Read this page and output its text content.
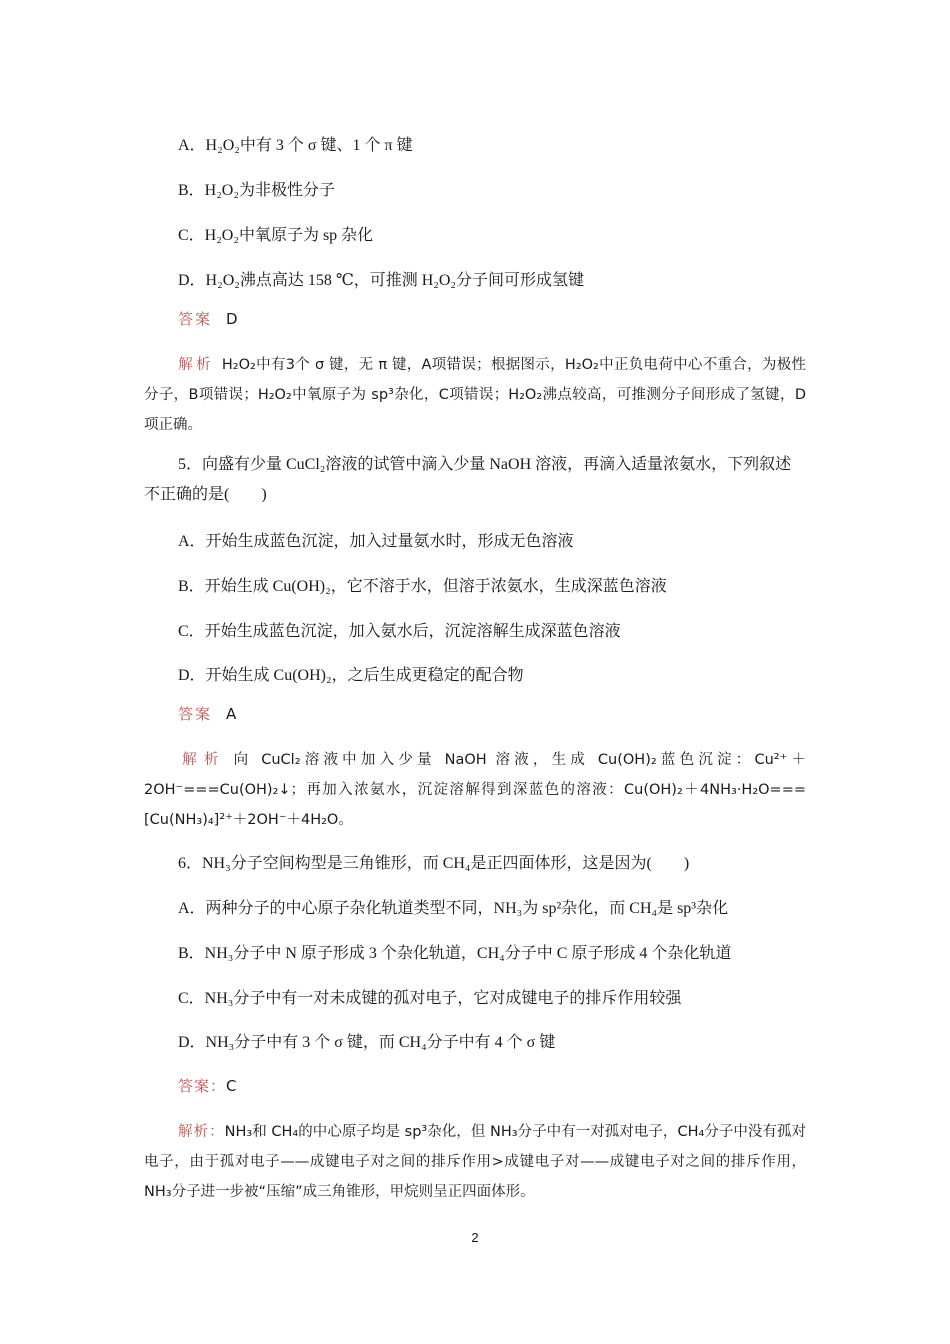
A．H₂O₂中有 3 个 σ 键、1 个 π 键
B．H₂O₂为非极性分子
C．H₂O₂中氧原子为 sp 杂化
D．H₂O₂沸点高达 158 ℃，可推测 H₂O₂分子间可形成氢键
答案 D
解析 H₂O₂中有3个 σ 键，无 π 键，A项错误；根据图示，H₂O₂中正负电荷中心不重合，为极性分子，B项错误；H₂O₂中氧原子为 sp³杂化，C项错误；H₂O₂沸点较高，可推测分子间形成了氢键，D项正确。
5．向盛有少量 CuCl₂溶液的试管中滴入少量 NaOH 溶液，再滴入适量浓氨水，下列叙述不正确的是(　　)
A．开始生成蓝色沉淀，加入过量氨水时，形成无色溶液
B．开始生成 Cu(OH)₂，它不溶于水，但溶于浓氨水，生成深蓝色溶液
C．开始生成蓝色沉淀，加入氨水后，沉淀溶解生成深蓝色溶液
D．开始生成 Cu(OH)₂，之后生成更稳定的配合物
答案 A
解析 向 CuCl₂溶液中加入少量 NaOH 溶液，生成 Cu(OH)₂蓝色沉淀：Cu²⁺＋2OH⁻===Cu(OH)₂↓；再加入浓氨水，沉淀溶解得到深蓝色的溶液：Cu(OH)₂＋4NH₃·H₂O===[Cu(NH₃)₄]²⁺＋2OH⁻＋4H₂O。
6．NH₃分子空间构型是三角锥形，而 CH₄是正四面体形，这是因为(　　)
A．两种分子的中心原子杂化轨道类型不同，NH₃为 sp²杂化，而 CH₄是 sp³杂化
B．NH₃分子中 N 原子形成 3 个杂化轨道，CH₄分子中 C 原子形成 4 个杂化轨道
C．NH₃分子中有一对未成键的孤对电子，它对成键电子的排斥作用较强
D．NH₃分子中有 3 个 σ 键，而 CH₄分子中有 4 个 σ 键
答案：C
解析：NH₃和 CH₄的中心原子均是 sp³杂化，但 NH₃分子中有一对孤对电子，CH₄分子中没有孤对电子，由于孤对电子——成键电子对之间的排斥作用>成键电子对——成键电子对之间的排斥作用，NH₃分子进一步被“压缩”成三角锥形，甲烷则呈正四面体形。
2
